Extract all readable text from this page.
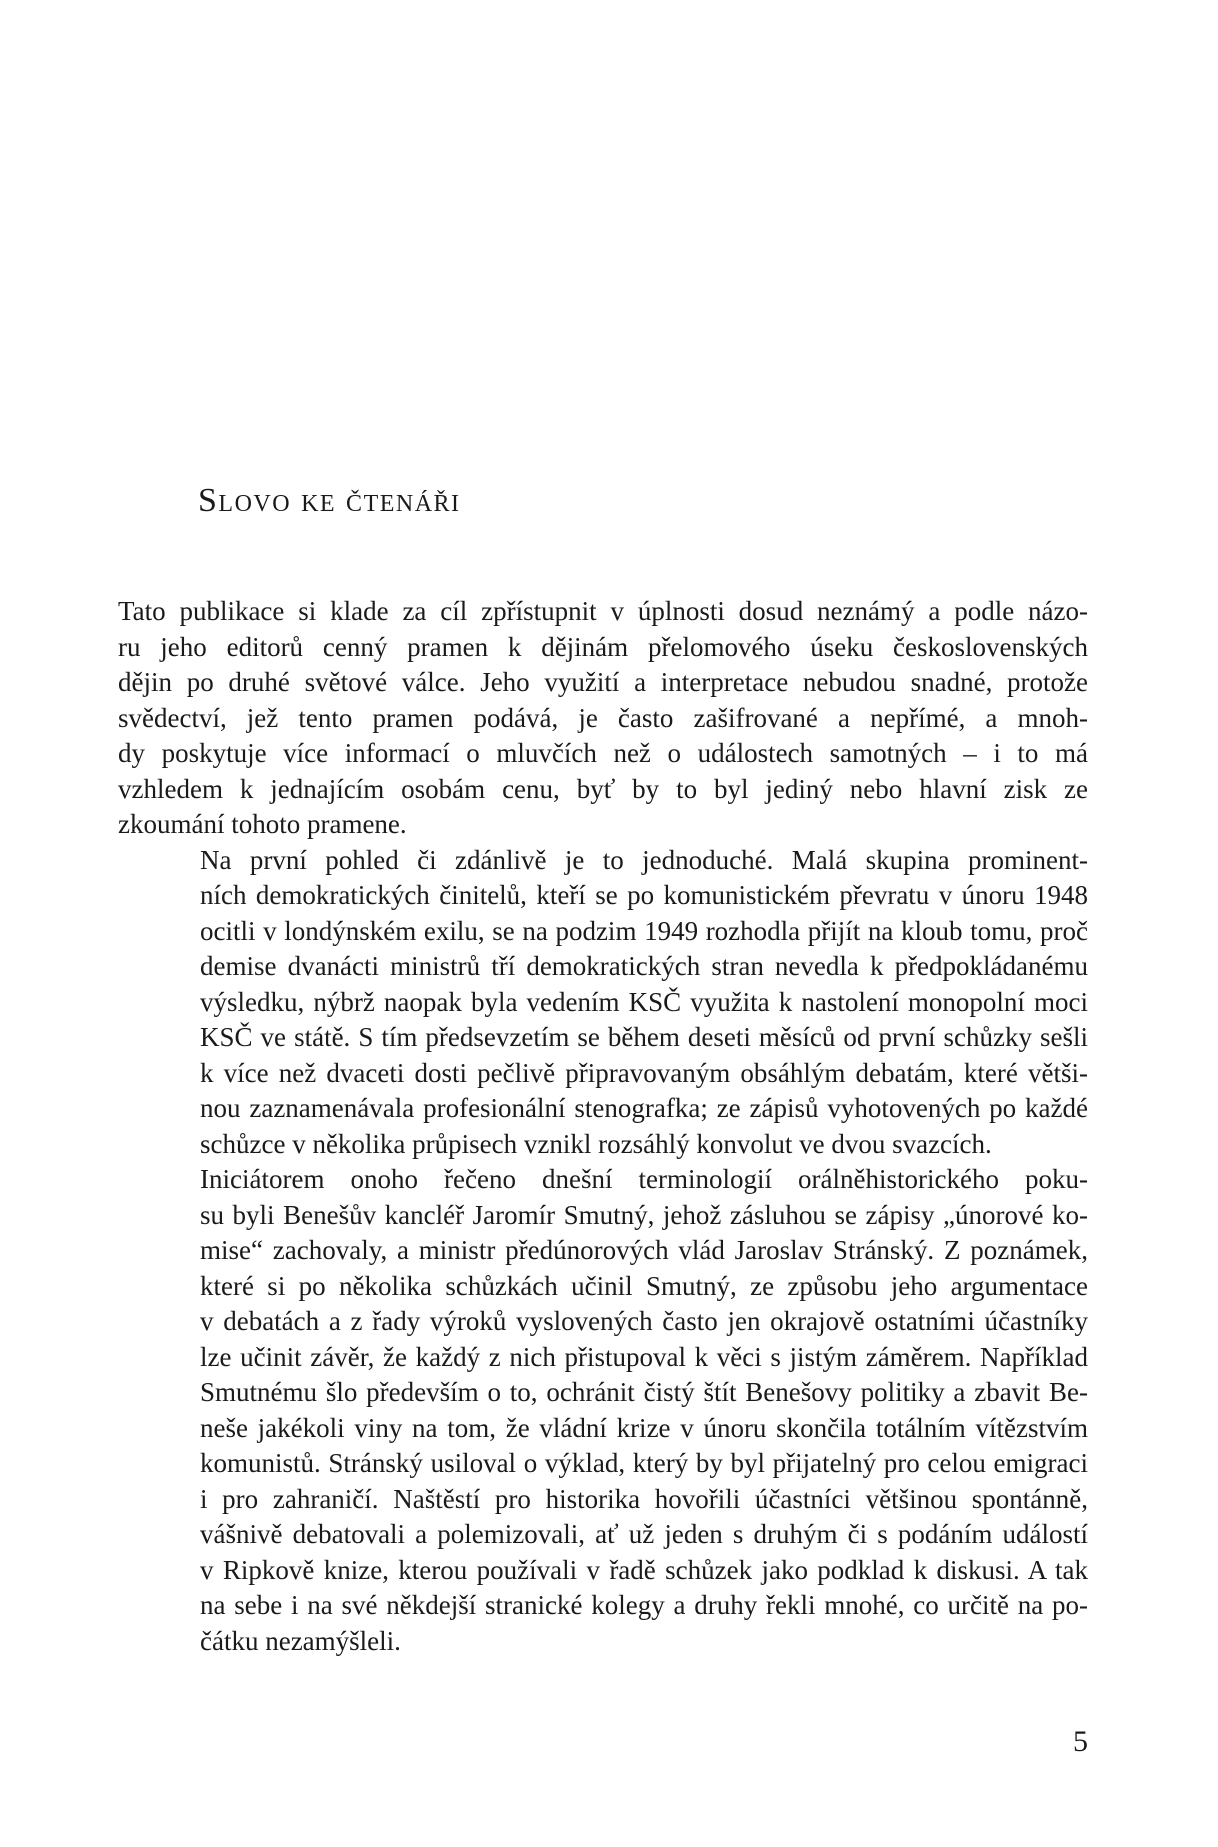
Slovo ke čtenáři

Tato publikace si klade za cíl zpřístupnit v úplnosti dosud neznámý a podle názo-
ru jeho editorů cenný pramen k dějinám přelomového úseku československých
dějin po druhé světové válce. Jeho využití a interpretace nebudou snadné, protože
svědectví, jež tento pramen podává, je často zašifrované a nepřímé, a mnoh-
dy poskytuje více informací o mluvčích než o událostech samotných – i to má
vzhledem k jednajícím osobám cenu, byť by to byl jediný nebo hlavní zisk ze
zkoumání tohoto pramene.

Na první pohled či zdánlivě je to jednoduché. Malá skupina prominent-
ních demokratických činitelů, kteří se po komunistickém převratu v únoru 1948
ocitli v londýnském exilu, se na podzim 1949 rozhodla přijít na kloub tomu, proč
demise dvanácti ministrů tří demokratických stran nevedla k předpokládanému
výsledku, nýbrž naopak byla vedením KSČ využita k nastolení monopolní moci
KSČ ve státě. S tím předsevzetím se během deseti měsíců od první schůzky sešli
k více než dvaceti dosti pečlivě připravovaným obsáhlým debatám, které větši-
nou zaznamenávala profesionální stenografka; ze zápisů vyhotovených po každé
schůzce v několika průpisech vznikl rozsáhlý konvolut ve dvou svazcích.

Iniciátorem onoho řečeno dnešní terminologií orálněhistorického poku-
su byli Benešův kancléř Jaromír Smutný, jehož zásluhou se zápisy „únorové ko-
mise“ zachovaly, a ministr předúnorových vlád Jaroslav Stránský. Z poznámek,
které si po několika schůzkách učinil Smutný, ze způsobu jeho argumentace
v debatách a z řady výroků vyslovených často jen okrajově ostatními účastníky
lze učinit závěr, že každý z nich přistupoval k věci s jistým záměrem. Například
Smutnému šlo především o to, ochránit čistý štít Benešovy politiky a zbavit Be-
neše jakékoli viny na tom, že vládní krize v únoru skončila totálním vítězstvím
komunistů. Stránský usiloval o výklad, který by byl přijatelný pro celou emigraci
i pro zahraničí. Naštěstí pro historika hovořili účastníci většinou spontánně,
vášnivě debatovali a polemizovali, ať už jeden s druhým či s podáním událostí
v Ripkově knize, kterou používali v řadě schůzek jako podklad k diskusi. A tak
na sebe i na své někdejší stranické kolegy a druhy řekli mnohé, co určitě na po-
čátku nezamýšleli.

5
